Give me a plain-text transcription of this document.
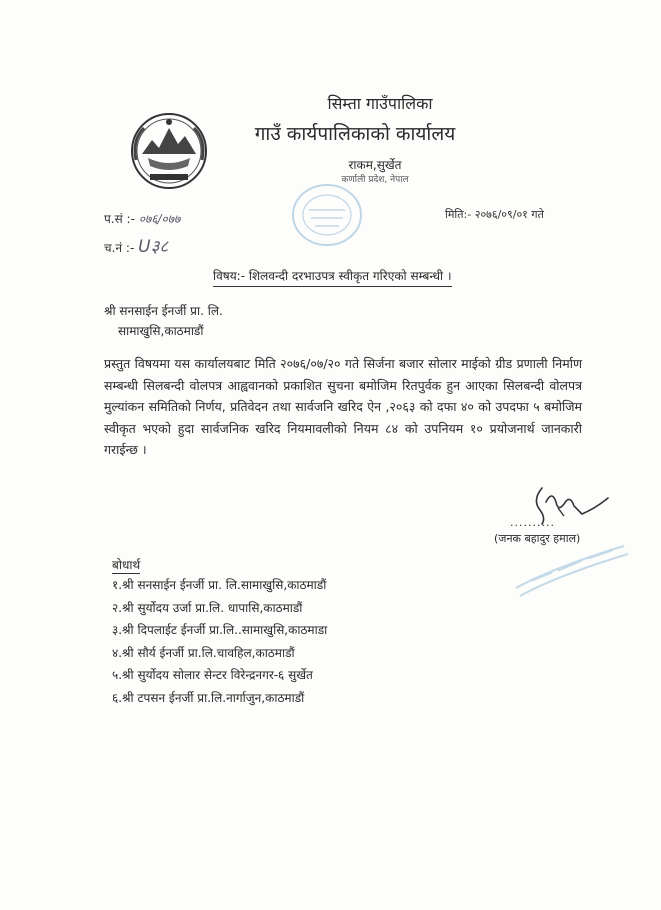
सिम्ता गाउँपालिका
गाउँ कार्यपालिकाको कार्यालय
राकम,सुर्खेत
कर्णाली प्रदेश, नेपाल
प.सं :- ०७६/०७७
च.नं :- U३८
मिति:- २०७६/०९/०१ गते
विषय:- शिलवन्दी दरभाउपत्र स्वीकृत गरिएको सम्बन्धी ।
श्री सनसाईन ईनर्जी प्रा. लि.
सामाखुसि,काठमाडौं
प्रस्तुत विषयमा यस कार्यालयबाट मिति २०७६/०७/२० गते सिर्जना बजार सोलार माईको ग्रीड प्रणाली निर्माण सम्बन्धी सिलबन्दी वोलपत्र आह्ववानको प्रकाशित सुचना बमोजिम रितपुर्वक हुन आएका सिलबन्दी वोलपत्र मुल्यांकन समितिको निर्णय, प्रतिवेदन तथा सार्वजनि खरिद ऐन ,२०६३ को दफा ४० को उपदफा ५ बमोजिम स्वीकृत भएको हुदा सार्वजनिक खरिद नियमावलीको नियम ८४ को उपनियम १० प्रयोजनार्थ जानकारी गराईन्छ ।
..........
(जनक बहादुर हमाल)
बोधार्थ
१.श्री सनसाईन ईनर्जी प्रा. लि.सामाखुसि,काठमाडौं
२.श्री सुर्योदय उर्जा प्रा.लि. धापासि,काठमाडौं
३.श्री दिपलाईट ईनर्जी प्रा.लि..सामाखुसि,काठमाडा
४.श्री सौर्य ईनर्जी प्रा.लि.चावहिल,काठमाडौं
५.श्री सुर्योदय सोलार सेन्टर विरेन्द्रनगर-६ सुर्खेत
६.श्री टपसन ईनर्जी प्रा.लि.नार्गाजुन,काठमाडौं
